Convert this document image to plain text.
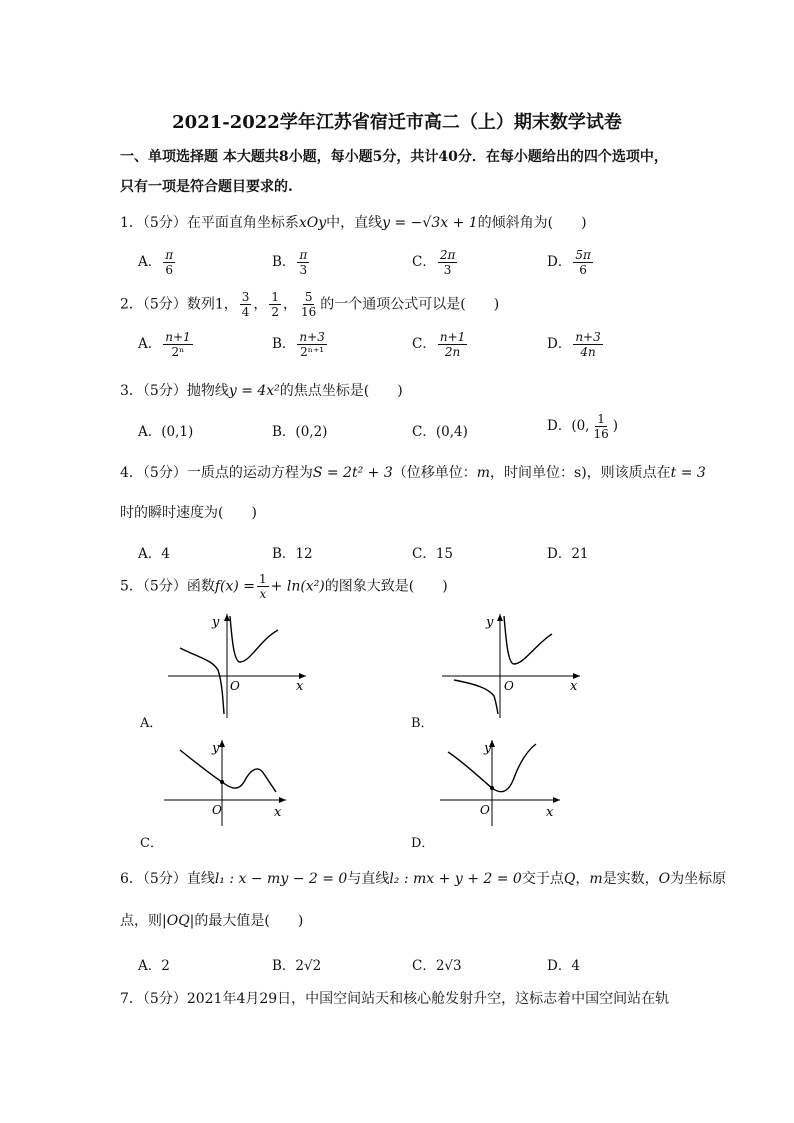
2021-2022学年江苏省宿迁市高二（上）期末数学试卷
一、单项选择题 本大题共8小题，每小题5分，共计40分．在每小题给出的四个选项中，
只有一项是符合题目要求的.
1．（5分）在平面直角坐标系xOy中，直线y = −√3x + 1的倾斜角为(　　)
A． $\frac{\pi}{6}$	B． $\frac{\pi}{3}$	C． $\frac{2\pi}{3}$	D． $\frac{5\pi}{6}$
2．（5分）数列1， $\frac{3}{4}$ ， $\frac{1}{2}$ ， $\frac{5}{16}$ 的一个通项公式可以是(　　)
A． $\frac{n+1}{\text{2ⁿ}}$	B． $\frac{n+3}{\text{2ⁿ⁺¹}}$	C． $\frac{n+1}{2n}$	D． $\frac{n+3}{4n}$
3．（5分）抛物线y = 4x²的焦点坐标是(　　)
A．(0,1)	B．(0,2)	C．(0,4)	D．(0, $\frac{1}{16}$ )
4．（5分）一质点的运动方程为S = 2t² + 3（位移单位：m，时间单位：s)，则该质点在t = 3
时的瞬时速度为(　　)
A．4	B．12	C．15	D．21
5．（5分）函数$f(x) = \frac{1}{x} + \ln(x^2)$的图象大致是(　　)
y
O	x
A．
y
O	x
B．
y
O	x
C．
y
O	x
D．
6．（5分）直线l₁ : x − my − 2 = 0与直线l₂ : mx + y + 2 = 0交于点Q，m是实数，O为坐标原
点，则|OQ|的最大值是(　　)
A．2	B．2√2	C．2√3	D．4
7．（5分）2021年4月29日，中国空间站天和核心舱发射升空，这标志着中国空间站在轨
